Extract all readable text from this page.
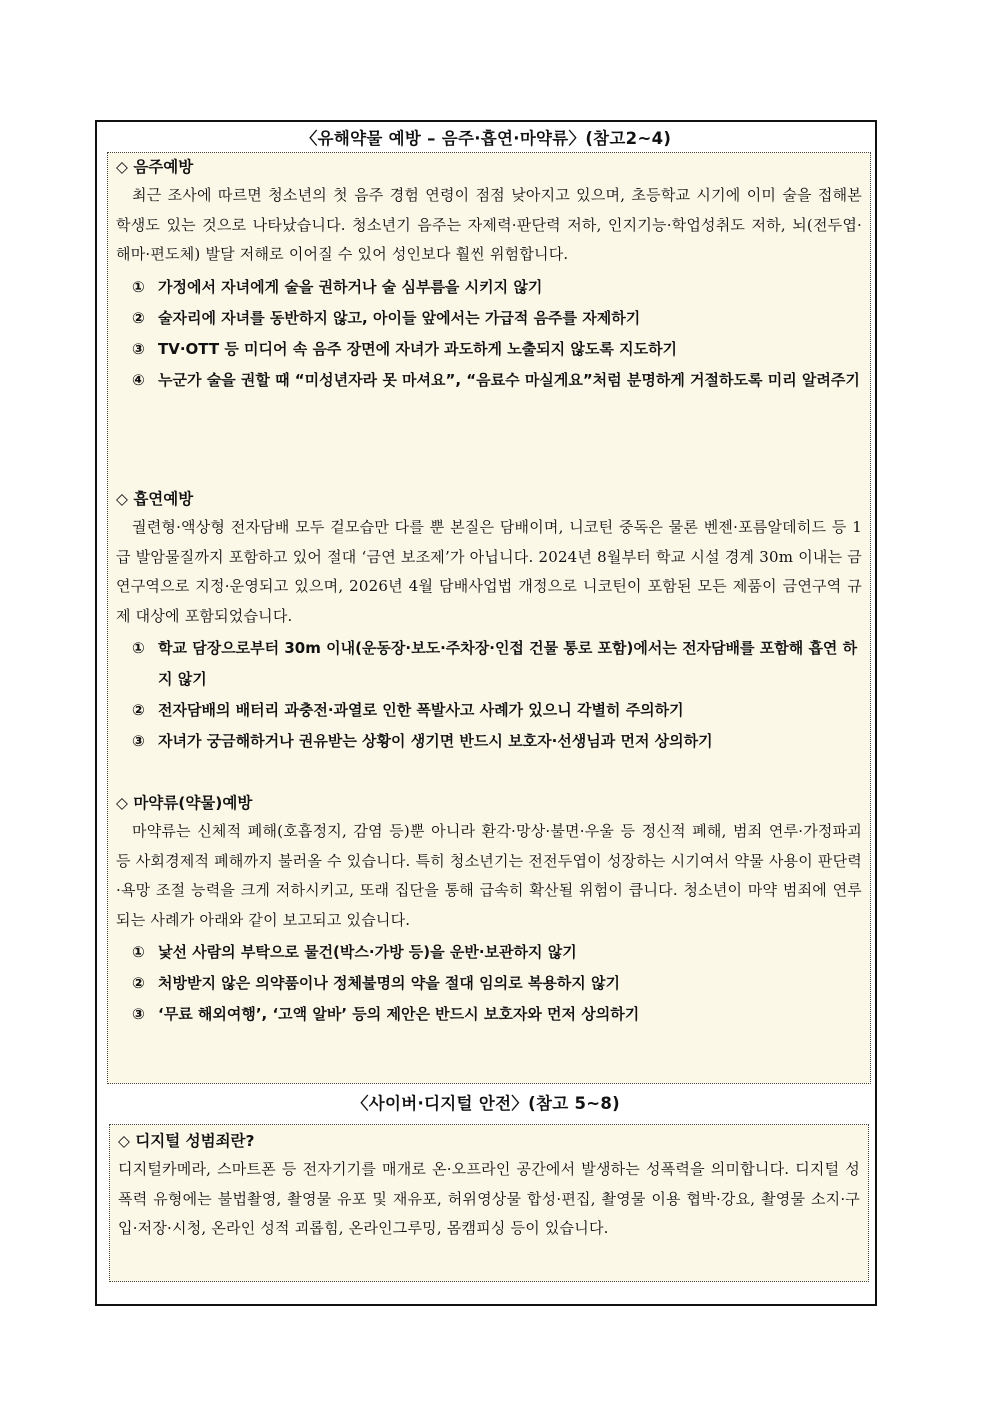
〈유해약물 예방 – 음주·흡연·마약류〉(참고2~4)
◇ 음주예방
최근 조사에 따르면 청소년의 첫 음주 경험 연령이 점점 낮아지고 있으며, 초등학교 시기에 이미 술을 접해본 학생도 있는 것으로 나타났습니다. 청소년기 음주는 자제력·판단력 저하, 인지기능·학업성취도 저하, 뇌(전두엽·해마·편도체) 발달 저해로 이어질 수 있어 성인보다 훨씬 위험합니다.
① 가정에서 자녀에게 술을 권하거나 술 심부름을 시키지 않기
② 술자리에 자녀를 동반하지 않고, 아이들 앞에서는 가급적 음주를 자제하기
③ TV·OTT 등 미디어 속 음주 장면에 자녀가 과도하게 노출되지 않도록 지도하기
④ 누군가 술을 권할 때 “미성년자라 못 마셔요”, “음료수 마실게요”처럼 분명하게 거절하도록 미리 알려주기
◇ 흡연예방
궐련형·액상형 전자담배 모두 겉모습만 다를 뿐 본질은 담배이며, 니코틴 중독은 물론 벤젠·포름알데히드 등 1급 발암물질까지 포함하고 있어 절대 ‘금연 보조제’가 아닙니다. 2024년 8월부터 학교 시설 경계 30m 이내는 금연구역으로 지정·운영되고 있으며, 2026년 4월 담배사업법 개정으로 니코틴이 포함된 모든 제품이 금연구역 규제 대상에 포함되었습니다.
① 학교 담장으로부터 30m 이내(운동장·보도·주차장·인접 건물 통로 포함)에서는 전자담배를 포함해 흡연 하지 않기
② 전자담배의 배터리 과충전·과열로 인한 폭발사고 사례가 있으니 각별히 주의하기
③ 자녀가 궁금해하거나 권유받는 상황이 생기면 반드시 보호자·선생님과 먼저 상의하기
◇ 마약류(약물)예방
마약류는 신체적 폐해(호흡정지, 감염 등)뿐 아니라 환각·망상·불면·우울 등 정신적 폐해, 범죄 연루·가정파괴 등 사회경제적 폐해까지 불러올 수 있습니다. 특히 청소년기는 전전두엽이 성장하는 시기여서 약물 사용이 판단력·욕망 조절 능력을 크게 저하시키고, 또래 집단을 통해 급속히 확산될 위험이 큽니다. 청소년이 마약 범죄에 연루되는 사례가 아래와 같이 보고되고 있습니다.
① 낯선 사람의 부탁으로 물건(박스·가방 등)을 운반·보관하지 않기
② 처방받지 않은 의약품이나 정체불명의 약을 절대 임의로 복용하지 않기
③ ‘무료 해외여행’, ‘고액 알바’ 등의 제안은 반드시 보호자와 먼저 상의하기
〈사이버·디지털 안전〉(참고 5~8)
◇ 디지털 성범죄란?
디지털카메라, 스마트폰 등 전자기기를 매개로 온·오프라인 공간에서 발생하는 성폭력을 의미합니다. 디지털 성폭력 유형에는 불법촬영, 촬영물 유포 및 재유포, 허위영상물 합성·편집, 촬영물 이용 협박·강요, 촬영물 소지·구입·저장·시청, 온라인 성적 괴롭힘, 온라인그루밍, 몸캠피싱 등이 있습니다.
